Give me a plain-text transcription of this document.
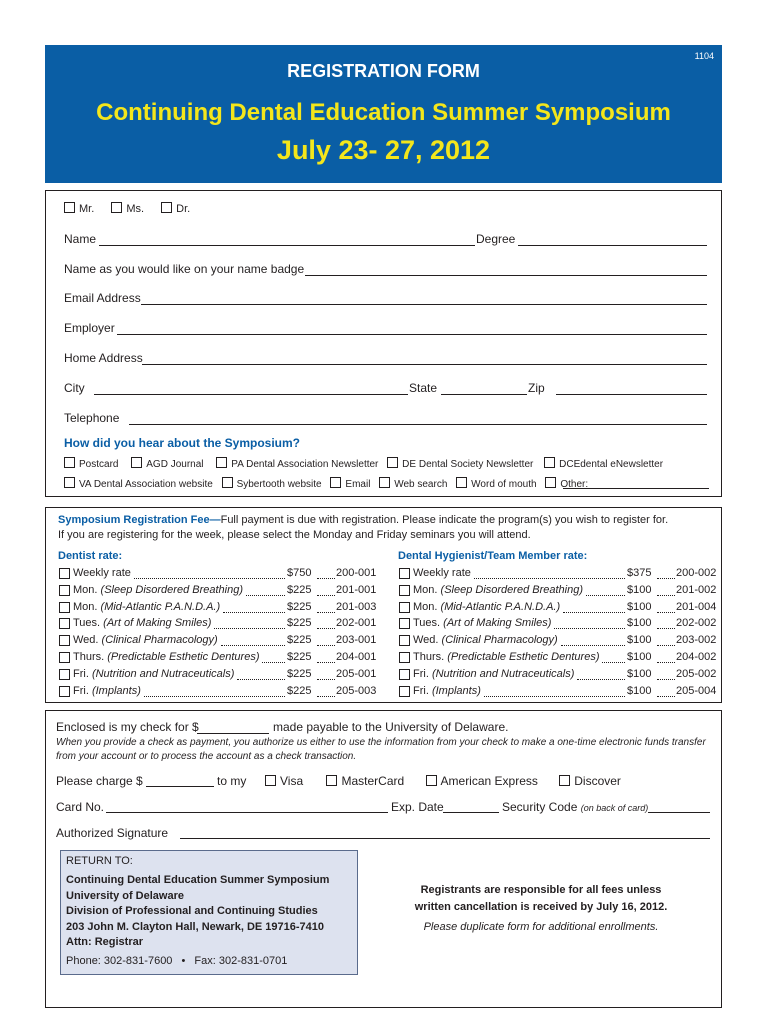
1104
REGISTRATION FORM
Continuing Dental Education Summer Symposium
July 23- 27, 2012
Mr.	Ms.	Dr.
Name	Degree
Name as you would like on your name badge
Email Address
Employer
Home Address
City	State	Zip
Telephone
How did you hear about the Symposium?
Postcard	AGD Journal	PA Dental Association Newsletter DE Dental Society Newsletter	DCEdental eNewsletter
VA Dental Association website Sybertooth website Email Web search Word of mouth Other:
Symposium Registration Fee—Full payment is due with registration. Please indicate the program(s) you wish to register for.
If you are registering for the week, please select the Monday and Friday seminars you will attend.
Dentist rate:	Dental Hygienist/Team Member rate:
Weekly rate	$750 200-001
Mon. (Sleep Disordered Breathing)	$225 201-001
Mon. (Mid-Atlantic P.A.N.D.A.)	$225 201-003
Tues. (Art of Making Smiles)	$225 202-001
Wed. (Clinical Pharmacology)	$225 203-001
Thurs. (Predictable Esthetic Dentures)	$225 204-001
Fri. (Nutrition and Nutraceuticals)	$225 205-001
Fri. (Implants)	$225 205-003
Weekly rate	$375 200-002
Mon. (Sleep Disordered Breathing)	$100 201-002
Mon. (Mid-Atlantic P.A.N.D.A.)	$100 201-004
Tues. (Art of Making Smiles)	$100 202-002
Wed. (Clinical Pharmacology)	$100 203-002
Thurs. (Predictable Esthetic Dentures)	$100 204-002
Fri. (Nutrition and Nutraceuticals)	$100 205-002
Fri. (Implants)	$100 205-004
Enclosed is my check for $	made payable to the University of Delaware.
When you provide a check as payment, you authorize us either to use the information from your check to make a one-time electronic funds transfer
from your account or to process the account as a check transaction.
Please charge $	to my	Visa	MasterCard	American Express	Discover
Card No.	Exp. Date	Security Code (on back of card)
Authorized Signature
RETURN TO:
Continuing Dental Education Summer Symposium
University of Delaware
Division of Professional and Continuing Studies
203 John M. Clayton Hall, Newark, DE 19716-7410
Attn: Registrar
Phone: 302-831-7600 • Fax: 302-831-0701
Registrants are responsible for all fees unless
written cancellation is received by July 16, 2012.
Please duplicate form for additional enrollments.
